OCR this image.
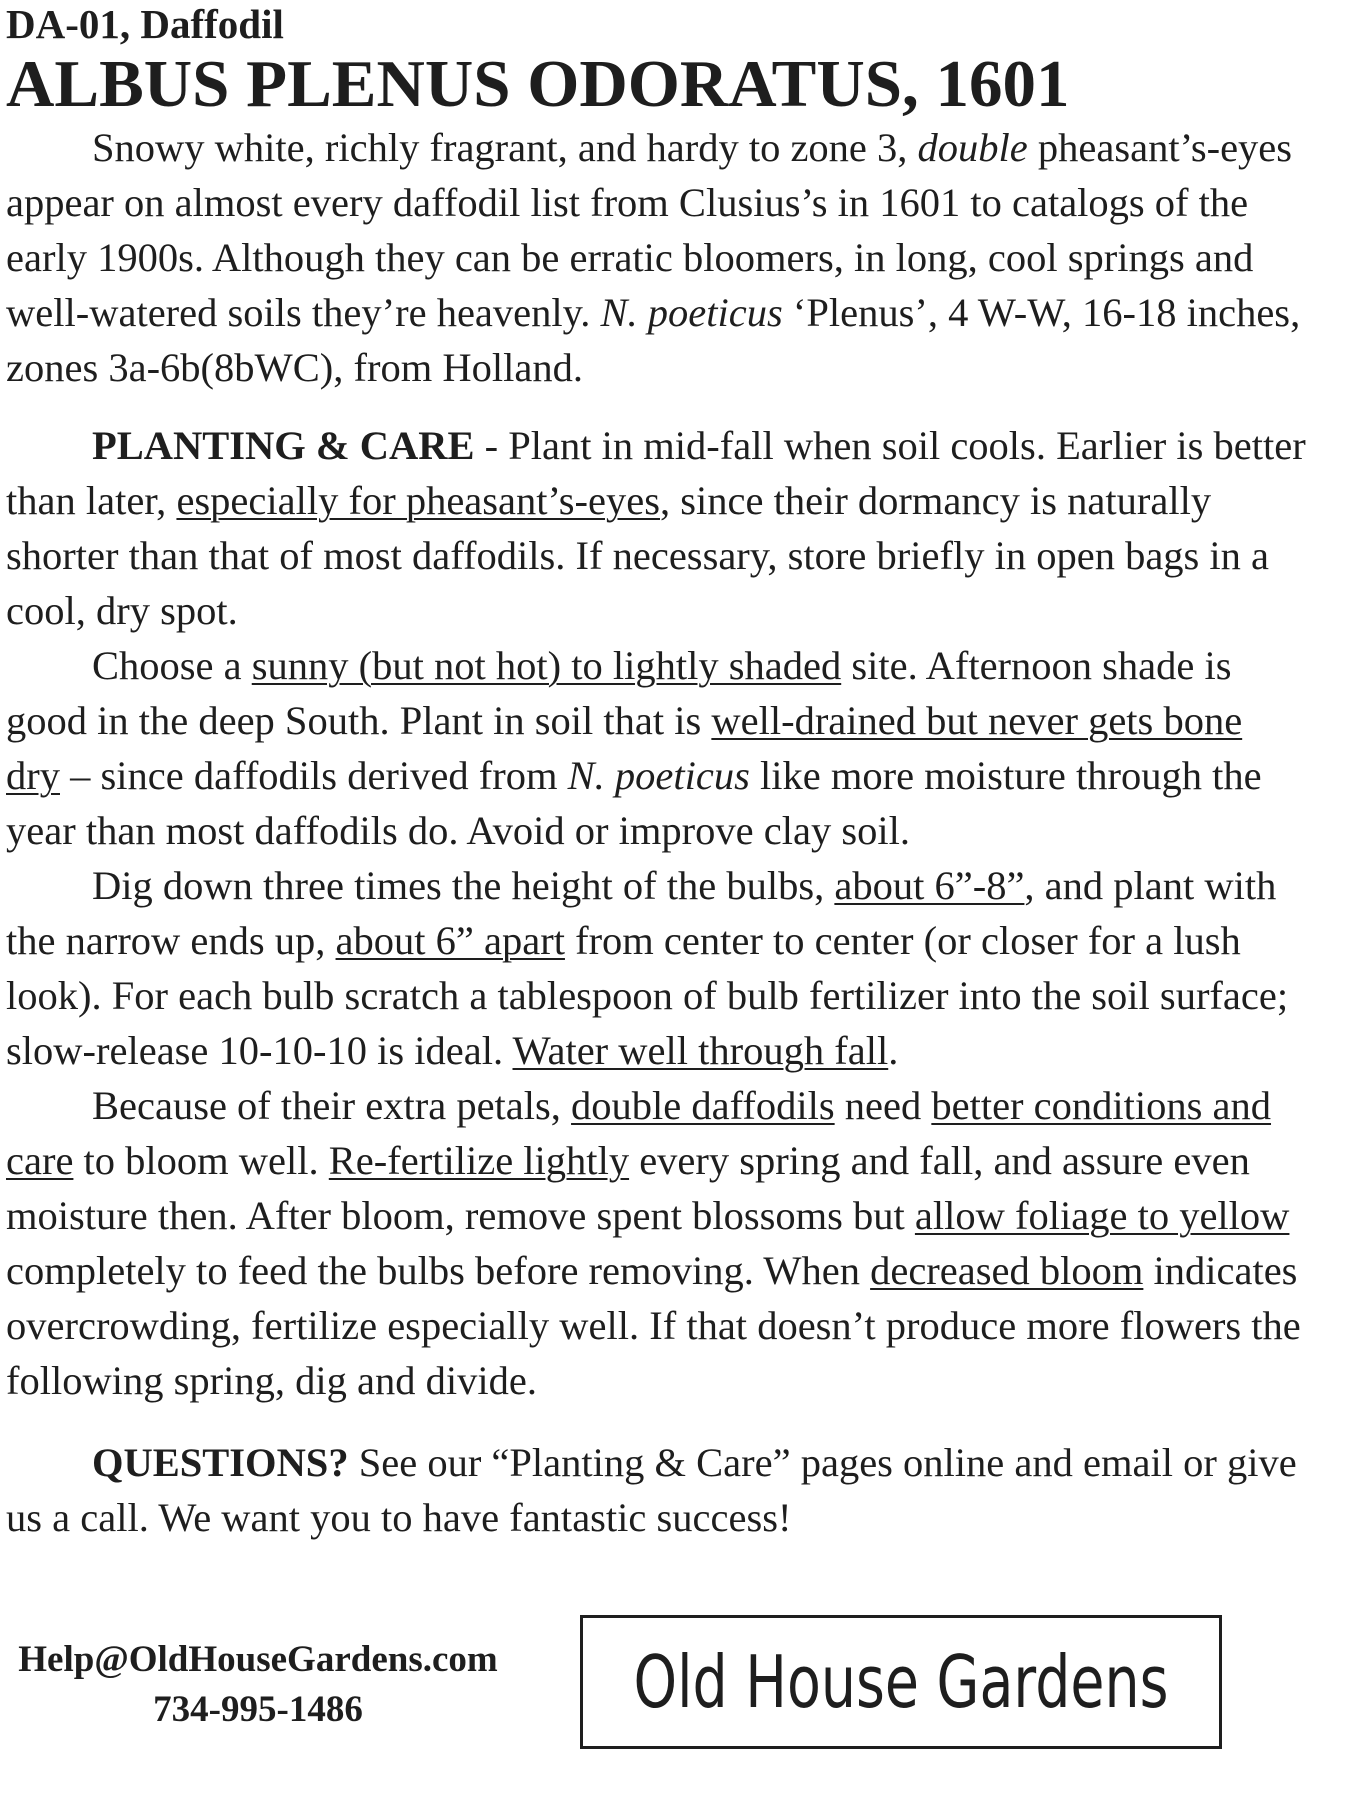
DA-01, Daffodil

ALBUS PLENUS ODORATUS, 1601

Snowy white, richly fragrant, and hardy to zone 3, double pheasant’s-eyes appear on almost every daffodil list from Clusius’s in 1601 to catalogs of the early 1900s. Although they can be erratic bloomers, in long, cool springs and well-watered soils they’re heavenly. N. poeticus ‘Plenus’, 4 W-W, 16-18 inches, zones 3a-6b(8bWC), from Holland.

PLANTING & CARE - Plant in mid-fall when soil cools. Earlier is better than later, especially for pheasant’s-eyes, since their dormancy is naturally shorter than that of most daffodils. If necessary, store briefly in open bags in a cool, dry spot.

Choose a sunny (but not hot) to lightly shaded site. Afternoon shade is good in the deep South. Plant in soil that is well-drained but never gets bone dry – since daffodils derived from N. poeticus like more moisture through the year than most daffodils do. Avoid or improve clay soil.

Dig down three times the height of the bulbs, about 6”-8”, and plant with the narrow ends up, about 6” apart from center to center (or closer for a lush look). For each bulb scratch a tablespoon of bulb fertilizer into the soil surface; slow-release 10-10-10 is ideal. Water well through fall.

Because of their extra petals, double daffodils need better conditions and care to bloom well. Re-fertilize lightly every spring and fall, and assure even moisture then. After bloom, remove spent blossoms but allow foliage to yellow completely to feed the bulbs before removing. When decreased bloom indicates overcrowding, fertilize especially well. If that doesn’t produce more flowers the following spring, dig and divide.

QUESTIONS? See our “Planting & Care” pages online and email or give us a call. We want you to have fantastic success!

Help@OldHouseGardens.com
734-995-1486	Old House Gardens
